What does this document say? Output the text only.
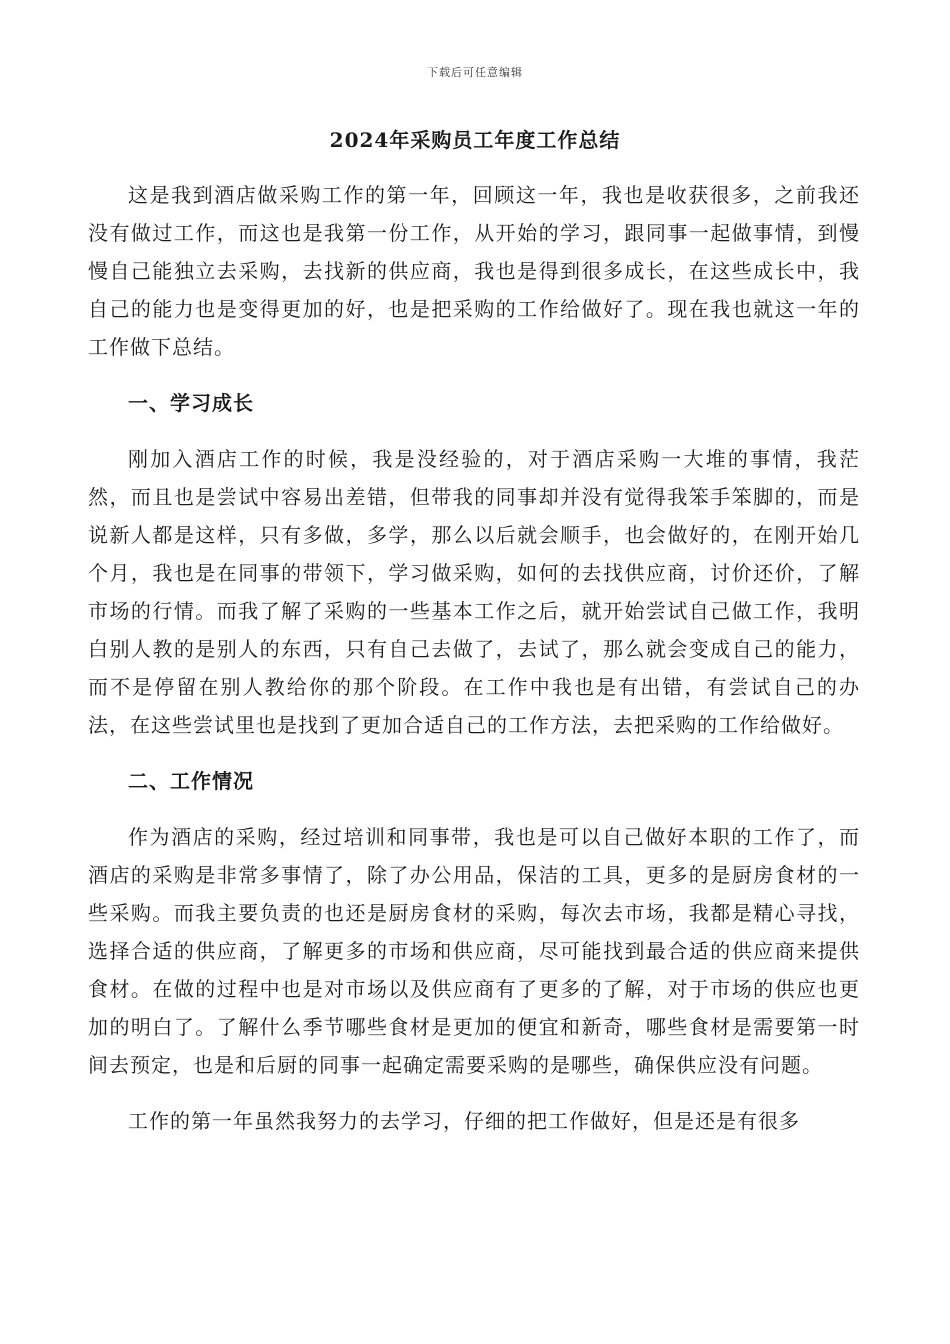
下载后可任意编辑
2024年采购员工年度工作总结

这是我到酒店做采购工作的第一年，回顾这一年，我也是收获很多，之前我还没有做过工作，而这也是我第一份工作，从开始的学习，跟同事一起做事情，到慢慢自己能独立去采购，去找新的供应商，我也是得到很多成长，在这些成长中，我自己的能力也是变得更加的好，也是把采购的工作给做好了。现在我也就这一年的工作做下总结。

一、学习成长

刚加入酒店工作的时候，我是没经验的，对于酒店采购一大堆的事情，我茫然，而且也是尝试中容易出差错，但带我的同事却并没有觉得我笨手笨脚的，而是说新人都是这样，只有多做，多学，那么以后就会顺手，也会做好的，在刚开始几个月，我也是在同事的带领下，学习做采购，如何的去找供应商，讨价还价，了解市场的行情。而我了解了采购的一些基本工作之后，就开始尝试自己做工作，我明白别人教的是别人的东西，只有自己去做了，去试了，那么就会变成自己的能力，而不是停留在别人教给你的那个阶段。在工作中我也是有出错，有尝试自己的办法，在这些尝试里也是找到了更加合适自己的工作方法，去把采购的工作给做好。

二、工作情况

作为酒店的采购，经过培训和同事带，我也是可以自己做好本职的工作了，而酒店的采购是非常多事情了，除了办公用品，保洁的工具，更多的是厨房食材的一些采购。而我主要负责的也还是厨房食材的采购，每次去市场，我都是精心寻找，选择合适的供应商，了解更多的市场和供应商，尽可能找到最合适的供应商来提供食材。在做的过程中也是对市场以及供应商有了更多的了解，对于市场的供应也更加的明白了。了解什么季节哪些食材是更加的便宜和新奇，哪些食材是需要第一时间去预定，也是和后厨的同事一起确定需要采购的是哪些，确保供应没有问题。

工作的第一年虽然我努力的去学习，仔细的把工作做好，但是还是有很多
